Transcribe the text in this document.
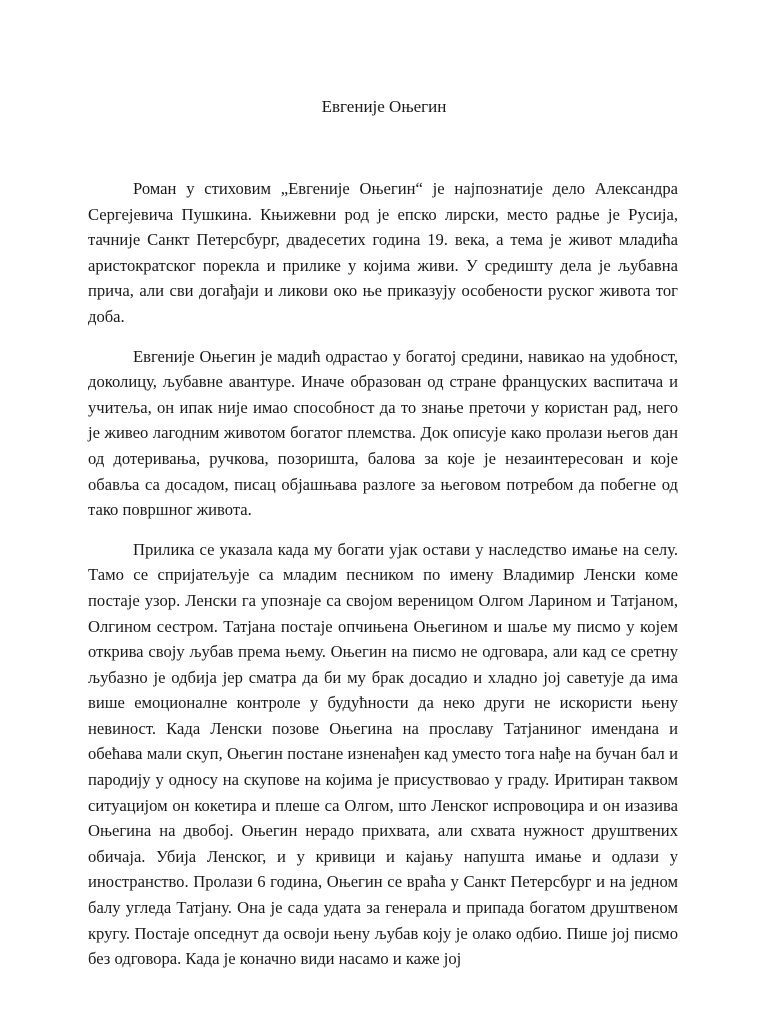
Евгеније Оњегин

Роман у стиховим „Евгеније Оњегин“ је најпознатије дело Александра Сергејевича Пушкина. Књижевни род је епско лирски, место радње је Русија, тачније Санкт Петерсбург, двадесетих година 19. века, а тема је живот младића аристократског порекла и прилике у којима живи. У средишту дела је љубавна прича, али сви догађаји и ликови око ње приказују особености руског живота тог доба.

Евгеније Оњегин је мадић одрастао у богатој средини, навикао на удобност, доколицу, љубавне авантуре. Иначе образован од стране француских васпитача и учитеља, он ипак није имао способност да то знање преточи у користан рад, него је живео лагодним животом богатог племства. Док описује како пролази његов дан од дотеривања, ручкова, позоришта, балова за које је незаинтересован и које обавља са досадом, писац објашњава разлоге за његовом потребом да побегне од тако површног живота.

Прилика се указала када му богати ујак остави у наследство имање на селу. Тамо се спријатељује са младим песником по имену Владимир Ленски коме постаје узор. Ленски га упознаје са својом вереницом Олгом Ларином и Татјаном, Олгином сестром. Татјана постаје опчињена Оњегином и шаље му писмо у којем открива своју љубав према њему. Оњегин на писмо не одговара, али кад се сретну љубазно је одбија јер сматра да би му брак досадио и хладно јој саветује да има више емоционалне контроле у будућности да неко други не искористи њену невиност. Када Ленски позове Оњегина на прославу Татјаниног имендана и обећава мали скуп, Оњегин постане изненађен кад уместо тога нађе на бучан бал и пародију у односу на скупове на којима је присуствовао у граду. Иритиран таквом ситуацијом он кокетира и плеше са Олгом, што Ленског испровоцира и он изазива Оњегина на двобој. Оњегин нерадо прихвата, али схвата нужност друштвених обичаја. Убија Ленског, и у кривици и кајању напушта имање и одлази у иностранство. Пролази 6 година, Оњегин се враћа у Санкт Петерсбург и на једном балу угледа Татјану. Она је сада удата за генерала и припада богатом друштвеном кругу. Постаје опседнут да освоји њену љубав коју је олако одбио. Пише јој писмо без одговора. Када је коначно види насамо и каже јој
